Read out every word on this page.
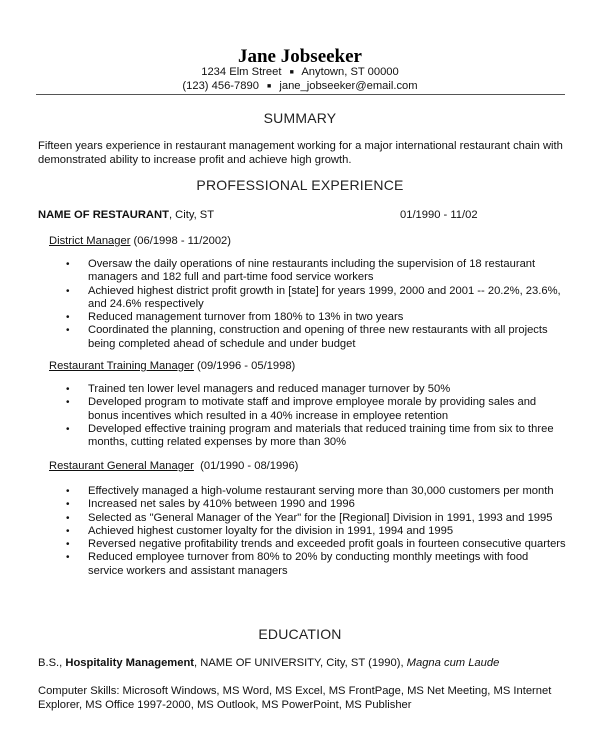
Jane Jobseeker
1234 Elm Street ■ Anytown, ST 00000
(123) 456-7890 ■ jane_jobseeker@email.com
SUMMARY
Fifteen years experience in restaurant management working for a major international restaurant chain with demonstrated ability to increase profit and achieve high growth.
PROFESSIONAL EXPERIENCE
NAME OF RESTAURANT, City, ST	01/1990 - 11/02
District Manager (06/1998 - 11/2002)
• Oversaw the daily operations of nine restaurants including the supervision of 18 restaurant managers and 182 full and part-time food service workers
• Achieved highest district profit growth in [state] for years 1999, 2000 and 2001 -- 20.2%, 23.6%, and 24.6% respectively
• Reduced management turnover from 180% to 13% in two years
• Coordinated the planning, construction and opening of three new restaurants with all projects being completed ahead of schedule and under budget
Restaurant Training Manager (09/1996 - 05/1998)
• Trained ten lower level managers and reduced manager turnover by 50%
• Developed program to motivate staff and improve employee morale by providing sales and bonus incentives which resulted in a 40% increase in employee retention
• Developed effective training program and materials that reduced training time from six to three months, cutting related expenses by more than 30%
Restaurant General Manager  (01/1990 - 08/1996)
• Effectively managed a high-volume restaurant serving more than 30,000 customers per month
• Increased net sales by 410% between 1990 and 1996
• Selected as "General Manager of the Year" for the [Regional] Division in 1991, 1993 and 1995
• Achieved highest customer loyalty for the division in 1991, 1994 and 1995
• Reversed negative profitability trends and exceeded profit goals in fourteen consecutive quarters
• Reduced employee turnover from 80% to 20% by conducting monthly meetings with food service workers and assistant managers
EDUCATION
B.S., Hospitality Management, NAME OF UNIVERSITY, City, ST (1990), Magna cum Laude
Computer Skills: Microsoft Windows, MS Word, MS Excel, MS FrontPage, MS Net Meeting, MS Internet Explorer, MS Office 1997-2000, MS Outlook, MS PowerPoint, MS Publisher
